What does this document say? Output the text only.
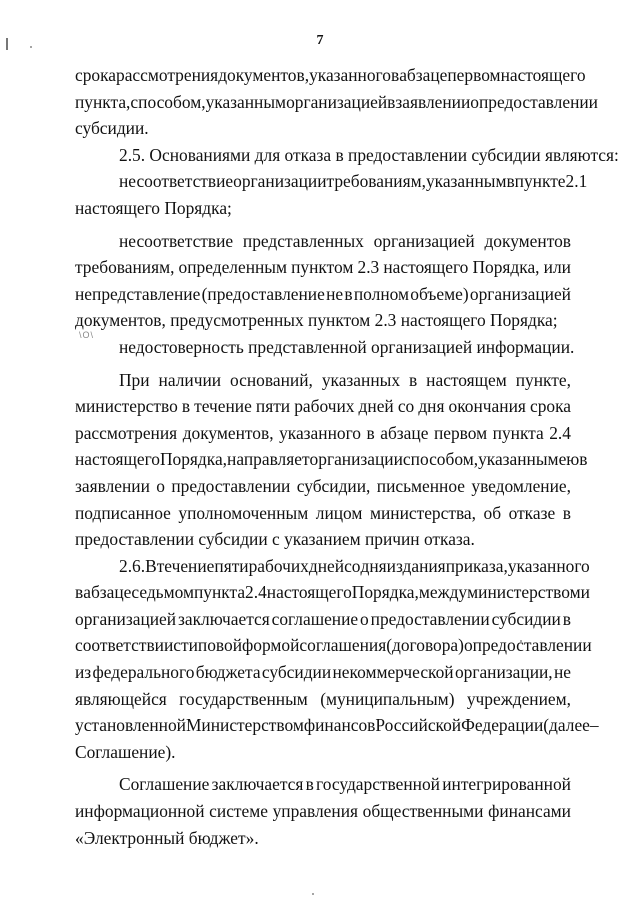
7
\О\
срока рассмотрения документов, указанного в абзаце первом настоящего
пункта, способом, указанным организацией в заявлении о предоставлении
субсидии.
2.5. Основаниями для отказа в предоставлении субсидии являются:
несоответствие организации требованиям, указанным в пункте 2.1
настоящего Порядка;
несоответствие представленных организацией документов
требованиям, определенным пунктом 2.3 настоящего Порядка, или
непредставление (предоставление не в полном объеме) организацией
документов, предусмотренных пунктом 2.3 настоящего Порядка;
недостоверность представленной организацией информации.
При наличии оснований, указанных в настоящем пункте,
министерство в течение пяти рабочих дней со дня окончания срока
рассмотрения документов, указанного в абзаце первом пункта 2.4
настоящего Порядка, направляет организации способом, указанным ею в
заявлении о предоставлении субсидии, письменное уведомление,
подписанное уполномоченным лицом министерства, об отказе в
предоставлении субсидии с указанием причин отказа.
2.6. В течение пяти рабочих дней со дня издания приказа, указанного
в абзаце седьмом пункта 2.4 настоящего Порядка, между министерством и
организацией заключается соглашение о предоставлении субсидии в
соответствии с типовой формой соглашения (договора) о предоставлении
из федерального бюджета субсидии некоммерческой организации, не
являющейся государственным (муниципальным) учреждением,
установленной Министерством финансов Российской Федерации (далее –
Соглашение).
Соглашение заключается в государственной интегрированной
информационной системе управления общественными финансами
«Электронный бюджет».
